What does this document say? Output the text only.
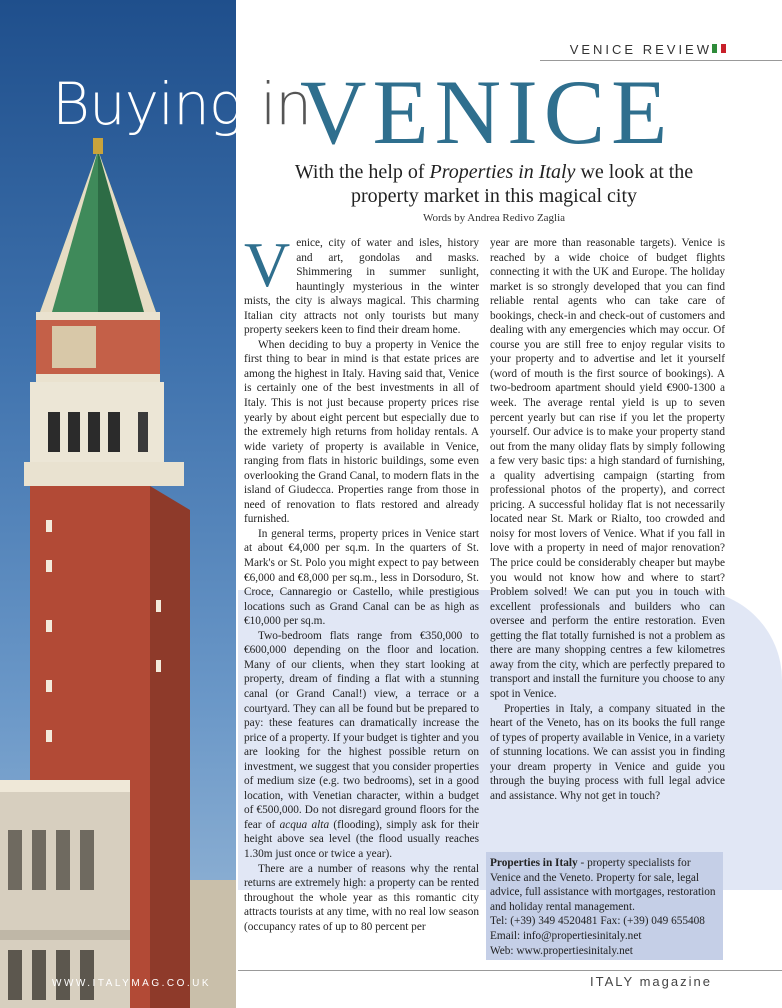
VENICE REVIEW
Buying in
VENICE
With the help of Properties in Italy we look at the property market in this magical city
Words by Andrea Redivo Zaglia

Venice, city of water and isles, history and art, gondolas and masks. Shimmering in summer sunlight, hauntingly mysterious in the winter mists, the city is always magical. This charming Italian city attracts not only tourists but many property seekers keen to find their dream home.

When deciding to buy a property in Venice the first thing to bear in mind is that estate prices are among the highest in Italy. Having said that, Venice is certainly one of the best investments in all of Italy. This is not just because property prices rise yearly by about eight percent but especially due to the extremely high returns from holiday rentals. A wide variety of property is available in Venice, ranging from flats in historic buildings, some even overlooking the Grand Canal, to modern flats in the island of Giudecca. Properties range from those in need of renovation to flats restored and already furnished.

In general terms, property prices in Venice start at about €4,000 per sq.m. In the quarters of St. Mark's or St. Polo you might expect to pay between €6,000 and €8,000 per sq.m., less in Dorsoduro, St. Croce, Cannaregio or Castello, while prestigious locations such as Grand Canal can be as high as €10,000 per sq.m.

Two-bedroom flats range from €350,000 to €600,000 depending on the floor and location. Many of our clients, when they start looking at property, dream of finding a flat with a stunning canal (or Grand Canal!) view, a terrace or a courtyard. They can all be found but be prepared to pay: these features can dramatically increase the price of a property. If your budget is tighter and you are looking for the highest possible return on investment, we suggest that you consider properties of medium size (e.g. two bedrooms), set in a good location, with Venetian character, within a budget of €500,000. Do not disregard ground floors for the fear of acqua alta (flooding), simply ask for their height above sea level (the flood usually reaches 1.30m just once or twice a year).

There are a number of reasons why the rental returns are extremely high: a property can be rented throughout the whole year as this romantic city attracts tourists at any time, with no real low season (occupancy rates of up to 80 percent per

year are more than reasonable targets). Venice is reached by a wide choice of budget flights connecting it with the UK and Europe. The holiday market is so strongly developed that you can find reliable rental agents who can take care of bookings, check-in and check-out of customers and dealing with any emergencies which may occur. Of course you are still free to enjoy regular visits to your property and to advertise and let it yourself (word of mouth is the first source of bookings). A two-bedroom apartment should yield €900-1300 a week. The average rental yield is up to seven percent yearly but can rise if you let the property yourself. Our advice is to make your property stand out from the many oliday flats by simply following a few very basic tips: a high standard of furnishing, a quality advertising campaign (starting from professional photos of the property), and correct pricing. A successful holiday flat is not necessarily located near St. Mark or Rialto, too crowded and noisy for most lovers of Venice. What if you fall in love with a property in need of major renovation? The price could be considerably cheaper but maybe you would not know how and where to start? Problem solved! We can put you in touch with excellent professionals and builders who can oversee and perform the entire restoration. Even getting the flat totally furnished is not a problem as there are many shopping centres a few kilometres away from the city, which are perfectly prepared to transport and install the furniture you choose to any spot in Venice.

Properties in Italy, a company situated in the heart of the Veneto, has on its books the full range of types of property available in Venice, in a variety of stunning locations. We can assist you in finding your dream property in Venice and guide you through the buying process with full legal advice and assistance. Why not get in touch?

Properties in Italy - property specialists for Venice and the Veneto. Property for sale, legal advice, full assistance with mortgages, restoration and holiday rental management.
Tel: (+39) 349 4520481 Fax: (+39) 049 655408
Email: info@propertiesinitaly.net
Web: www.propertiesinitaly.net
WWW.ITALYMAG.CO.UK	ITALY magazine
